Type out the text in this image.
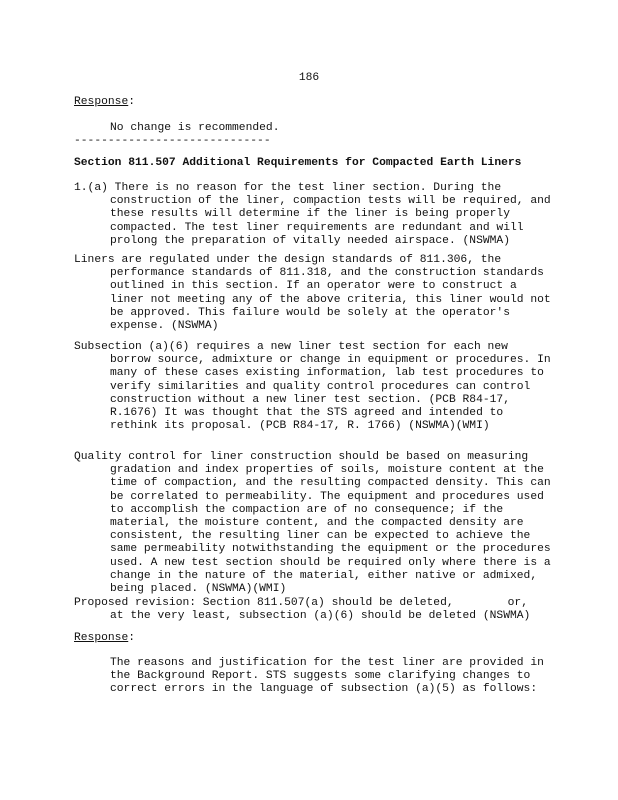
186

Response:

No change is recommended.

-----------------------------

Section 811.507 Additional Requirements for Compacted Earth Liners

1.(a) There is no reason for the test liner section. During the construction of the liner, compaction tests will be required, and these results will determine if the liner is being properly compacted. The test liner requirements are redundant and will prolong the preparation of vitally needed airspace. (NSWMA)

Liners are regulated under the design standards of 811.306, the performance standards of 811.318, and the construction standards outlined in this section. If an operator were to construct a liner not meeting any of the above criteria, this liner would not be approved. This failure would be solely at the operator's expense. (NSWMA)

Subsection (a)(6) requires a new liner test section for each new borrow source, admixture or change in equipment or procedures. In many of these cases existing information, lab test procedures to verify similarities and quality control procedures can control construction without a new liner test section. (PCB R84-17, R.1676) It was thought that the STS agreed and intended to rethink its proposal. (PCB R84-17, R. 1766) (NSWMA)(WMI)

Quality control for liner construction should be based on measuring gradation and index properties of soils, moisture content at the time of compaction, and the resulting compacted density. This can be correlated to permeability. The equipment and procedures used to accomplish the compaction are of no consequence; if the material, the moisture content, and the compacted density are consistent, the resulting liner can be expected to achieve the same permeability notwithstanding the equipment or the procedures used. A new test section should be required only where there is a change in the nature of the material, either native or admixed, being placed. (NSWMA)(WMI)

Proposed revision: Section 811.507(a) should be deleted,	or,

at the very least, subsection (a)(6) should be deleted (NSWMA)

Response:

The reasons and justification for the test liner are provided in the Background Report. STS suggests some clarifying changes to correct errors in the language of subsection (a)(5) as follows:
